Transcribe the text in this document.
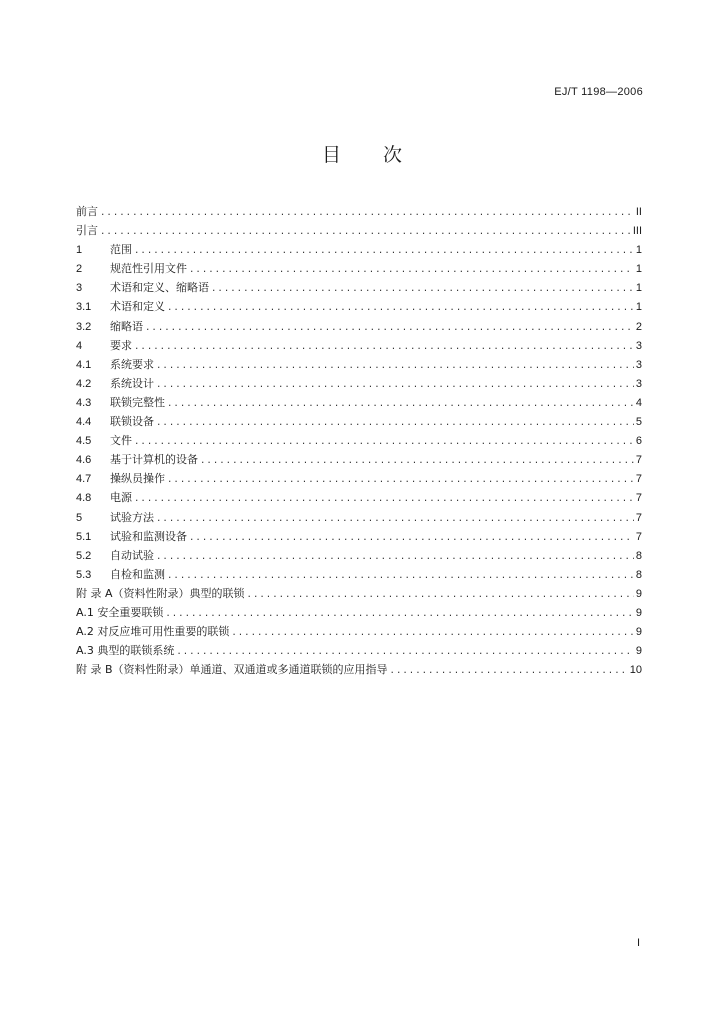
EJ/T 1198—2006
目 次
前言 .....	II
引言 .....	III
1	范围 .....	1
2	规范性引用文件 .....	1
3	术语和定义、缩略语 .....	1
3.1	术语和定义 .....	1
3.2	缩略语 .....	2
4	要求 .....	3
4.1	系统要求 .....	3
4.2	系统设计 .....	3
4.3	联锁完整性 .....	4
4.4	联锁设备 .....	5
4.5	文件 .....	6
4.6	基于计算机的设备 .....	7
4.7	操纵员操作 .....	7
4.8	电源 .....	7
5	试验方法 .....	7
5.1	试验和监测设备 .....	7
5.2	自动试验 .....	8
5.3	自检和监测 .....	8
附 录 A（资料性附录）典型的联锁 .....	9
A.1 安全重要联锁 .....	9
A.2 对反应堆可用性重要的联锁 .....	9
A.3 典型的联锁系统 .....	9
附 录 B（资料性附录）单通道、双通道或多通道联锁的应用指导 .....	10
I
